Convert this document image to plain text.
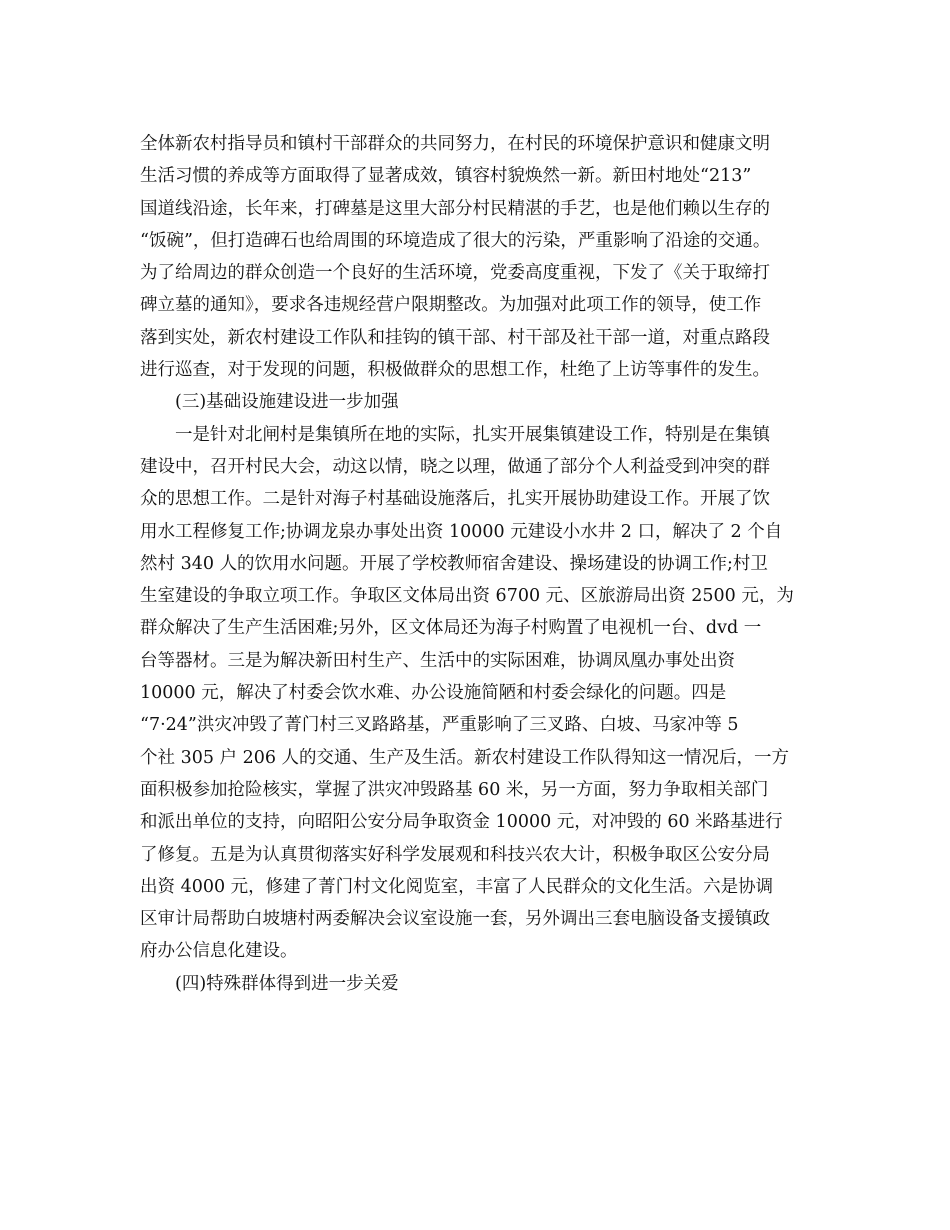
全体新农村指导员和镇村干部群众的共同努力，在村民的环境保护意识和健康文明
生活习惯的养成等方面取得了显著成效，镇容村貌焕然一新。新田村地处“213”
国道线沿途，长年来，打碑墓是这里大部分村民精湛的手艺，也是他们赖以生存的
“饭碗”，但打造碑石也给周围的环境造成了很大的污染，严重影响了沿途的交通。
为了给周边的群众创造一个良好的生活环境，党委高度重视，下发了《关于取缔打
碑立墓的通知》，要求各违规经营户限期整改。为加强对此项工作的领导，使工作
落到实处，新农村建设工作队和挂钩的镇干部、村干部及社干部一道，对重点路段
进行巡查，对于发现的问题，积极做群众的思想工作，杜绝了上访等事件的发生。
(三)基础设施建设进一步加强
一是针对北闸村是集镇所在地的实际，扎实开展集镇建设工作，特别是在集镇
建设中，召开村民大会，动这以情，晓之以理，做通了部分个人利益受到冲突的群
众的思想工作。二是针对海子村基础设施落后，扎实开展协助建设工作。开展了饮
用水工程修复工作;协调龙泉办事处出资 10000 元建设小水井 2 口，解决了 2 个自
然村 340 人的饮用水问题。开展了学校教师宿舍建设、操场建设的协调工作;村卫
生室建设的争取立项工作。争取区文体局出资 6700 元、区旅游局出资 2500 元，为
群众解决了生产生活困难;另外，区文体局还为海子村购置了电视机一台、dvd 一
台等器材。三是为解决新田村生产、生活中的实际困难，协调凤凰办事处出资
10000 元，解决了村委会饮水难、办公设施简陋和村委会绿化的问题。四是
“7·24”洪灾冲毁了菁门村三叉路路基，严重影响了三叉路、白坡、马家冲等 5
个社 305 户 206 人的交通、生产及生活。新农村建设工作队得知这一情况后，一方
面积极参加抢险核实，掌握了洪灾冲毁路基 60 米，另一方面，努力争取相关部门
和派出单位的支持，向昭阳公安分局争取资金 10000 元，对冲毁的 60 米路基进行
了修复。五是为认真贯彻落实好科学发展观和科技兴农大计，积极争取区公安分局
出资 4000 元，修建了菁门村文化阅览室，丰富了人民群众的文化生活。六是协调
区审计局帮助白坡塘村两委解决会议室设施一套，另外调出三套电脑设备支援镇政
府办公信息化建设。
(四)特殊群体得到进一步关爱
